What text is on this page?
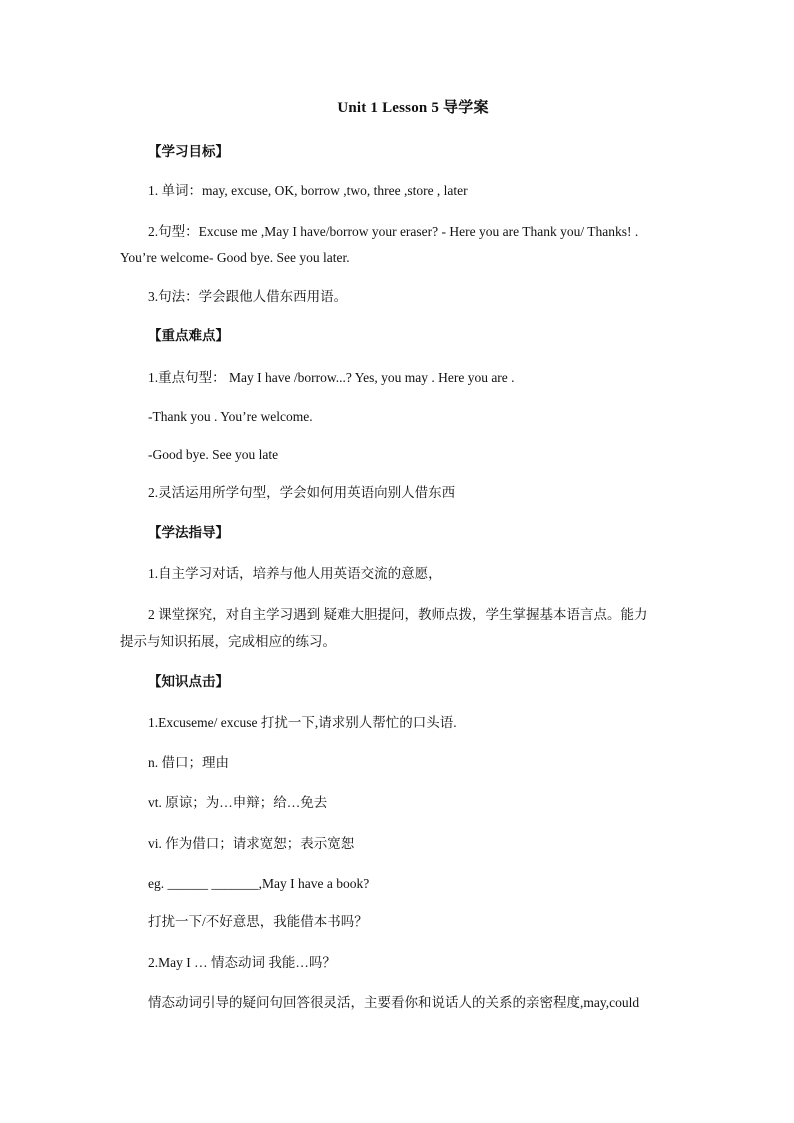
Unit 1 Lesson 5 导学案
【学习目标】
1. 单词：may, excuse, OK, borrow ,two, three ,store , later
2.句型：Excuse me ,May I have/borrow your eraser? - Here you are Thank you/ Thanks! .
You’re welcome- Good bye. See you later.
3.句法：学会跟他人借东西用语。
【重点难点】
1.重点句型： May I have /borrow...? Yes, you may . Here you are .
-Thank you . You’re welcome.
-Good bye. See you late
2.灵活运用所学句型，学会如何用英语向别人借东西
【学法指导】
1.自主学习对话，培养与他人用英语交流的意愿，
2 课堂探究，对自主学习遇到 疑难大胆提问，教师点拨，学生掌握基本语言点。能力
提示与知识拓展，完成相应的练习。
【知识点击】
1.Excuseme/ excuse 打扰一下,请求别人帮忙的口头语.
n. 借口；理由
vt. 原谅；为…申辩；给…免去
vi. 作为借口；请求宽恕；表示宽恕
eg. ______ _______,May I have a book?
打扰一下/不好意思，我能借本书吗？
2.May I … 情态动词 我能…吗？
情态动词引导的疑问句回答很灵活，主要看你和说话人的关系的亲密程度,may,could
